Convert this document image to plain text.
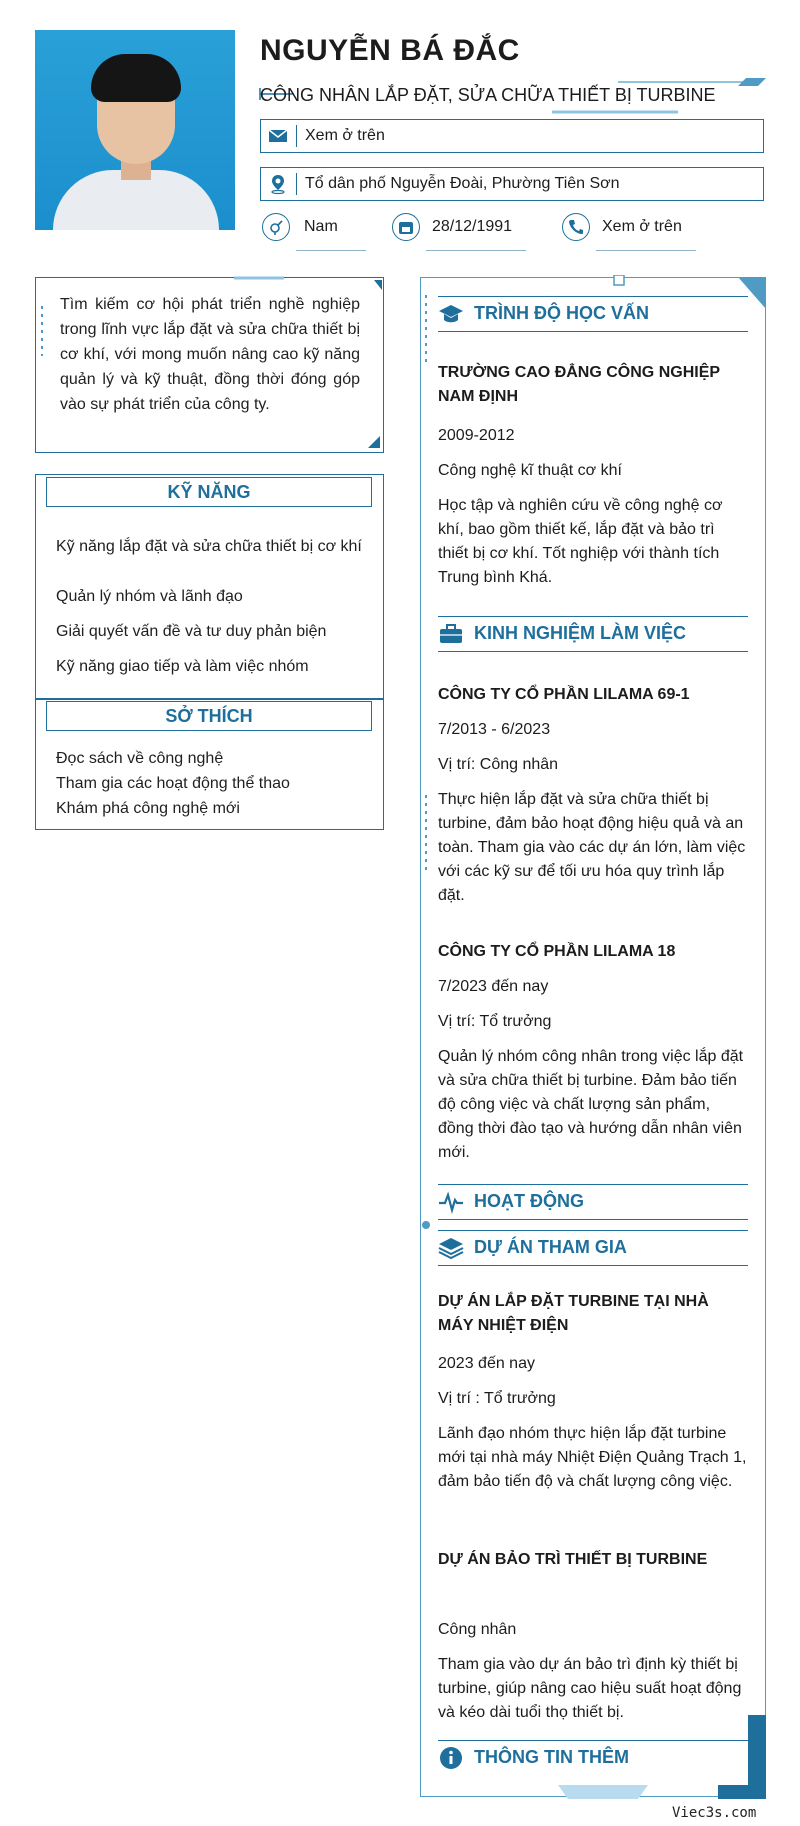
NGUYỄN BÁ ĐẮC
CÔNG NHÂN LẮP ĐẶT, SỬA CHỮA THIẾT BỊ TURBINE
Xem ở trên
Tổ dân phố Nguyễn Đoài, Phường Tiên Sơn
Nam	28/12/1991	Xem ở trên
Tìm kiếm cơ hội phát triển nghề nghiệp trong lĩnh vực lắp đặt và sửa chữa thiết bị cơ khí, với mong muốn nâng cao kỹ năng quản lý và kỹ thuật, đồng thời đóng góp vào sự phát triển của công ty.
KỸ NĂNG
Kỹ năng lắp đặt và sửa chữa thiết bị cơ khí
Quản lý nhóm và lãnh đạo
Giải quyết vấn đề và tư duy phản biện
Kỹ năng giao tiếp và làm việc nhóm
SỞ THÍCH
Đọc sách về công nghệ
Tham gia các hoạt động thể thao
Khám phá công nghệ mới
TRÌNH ĐỘ HỌC VẤN
TRƯỜNG CAO ĐẲNG CÔNG NGHIỆP NAM ĐỊNH
2009-2012
Công nghệ kĩ thuật cơ khí
Học tập và nghiên cứu về công nghệ cơ khí, bao gồm thiết kế, lắp đặt và bảo trì thiết bị cơ khí. Tốt nghiệp với thành tích Trung bình Khá.
KINH NGHIỆM LÀM VIỆC
CÔNG TY CỔ PHẦN LILAMA 69-1
7/2013 - 6/2023
Vị trí: Công nhân
Thực hiện lắp đặt và sửa chữa thiết bị turbine, đảm bảo hoạt động hiệu quả và an toàn. Tham gia vào các dự án lớn, làm việc với các kỹ sư để tối ưu hóa quy trình lắp đặt.
CÔNG TY CỔ PHẦN LILAMA 18
7/2023 đến nay
Vị trí: Tổ trưởng
Quản lý nhóm công nhân trong việc lắp đặt và sửa chữa thiết bị turbine. Đảm bảo tiến độ công việc và chất lượng sản phẩm, đồng thời đào tạo và hướng dẫn nhân viên mới.
HOẠT ĐỘNG
DỰ ÁN THAM GIA
DỰ ÁN LẮP ĐẶT TURBINE TẠI NHÀ MÁY NHIỆT ĐIỆN
2023 đến nay
Vị trí : Tổ trưởng
Lãnh đạo nhóm thực hiện lắp đặt turbine mới tại nhà máy Nhiệt Điện Quảng Trạch 1, đảm bảo tiến độ và chất lượng công việc.
DỰ ÁN BẢO TRÌ THIẾT BỊ TURBINE
Công nhân
Tham gia vào dự án bảo trì định kỳ thiết bị turbine, giúp nâng cao hiệu suất hoạt động và kéo dài tuổi thọ thiết bị.
THÔNG TIN THÊM
Viec3s.com
